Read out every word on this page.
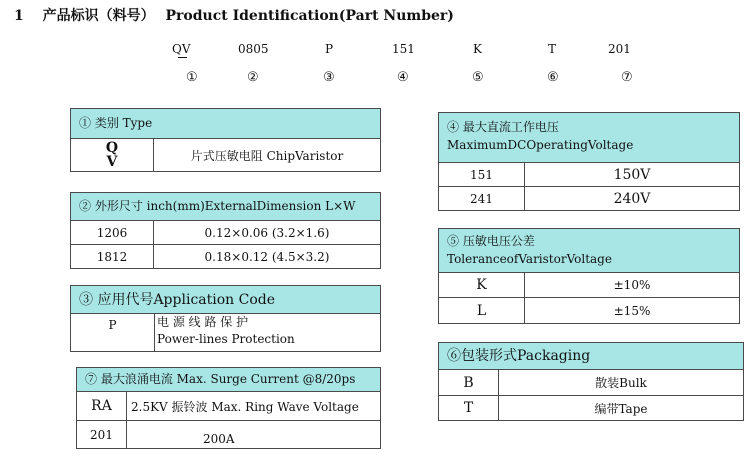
1 产品标识（料号） Product Identification(Part Number)
QV	0805	P	151	K	T	201
①	②	③	④	⑤	⑥	⑦
① 类别 Type
Q
V	片式压敏电阻 ChipVaristor
② 外形尺寸 inch(mm)ExternalDimension L×W
1206	0.12×0.06 (3.2×1.6)
1812	0.18×0.12 (4.5×3.2)
③ 应用代号Application Code
P	电 源 线 路 保 护
Power-lines Protection
⑦ 最大浪涌电流 Max. Surge Current @8/20ps
RA	2.5KV 振铃波 Max. Ring Wave Voltage
201	200A
④ 最大直流工作电压
MaximumDCOperatingVoltage
151	150V
241	240V
⑤ 压敏电压公差
ToleranceofVaristorVoltage
K	±10%
L	±15%
⑥包装形式Packaging
B	散装Bulk
T	编带Tape
